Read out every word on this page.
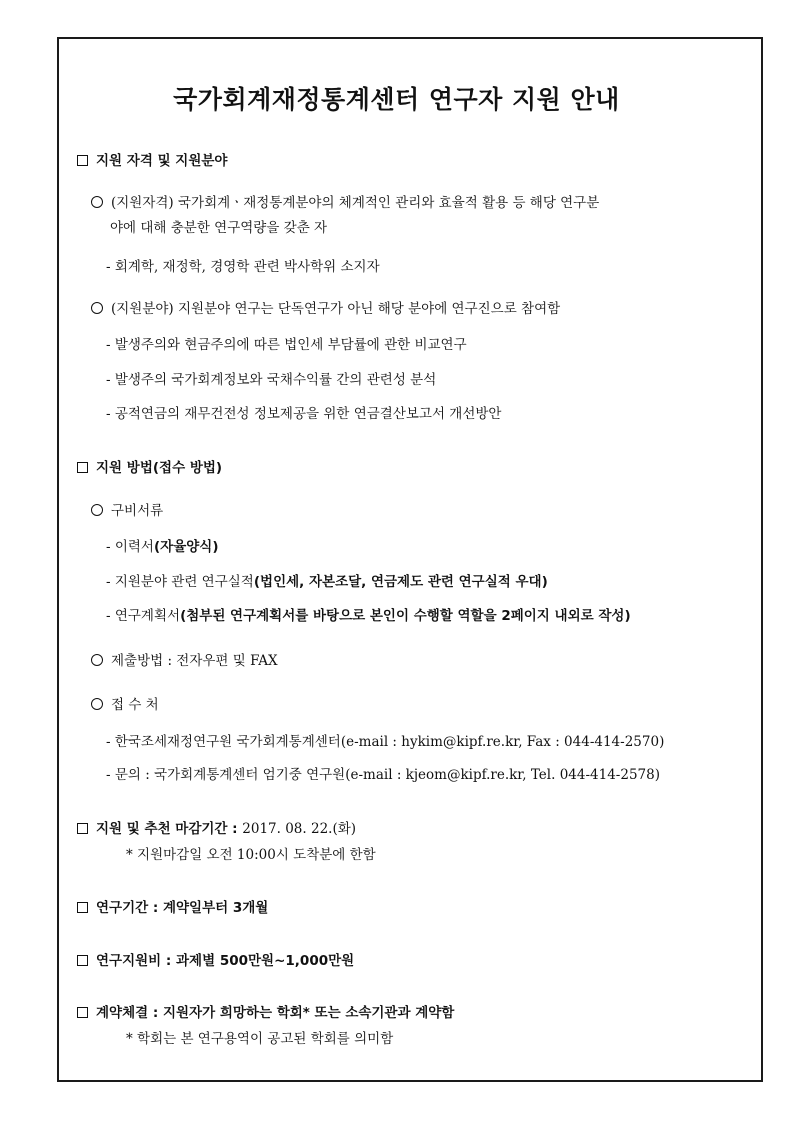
국가회계재정통계센터 연구자 지원 안내
지원 자격 및 지원분야
(지원자격) 국가회계ㆍ재정통계분야의 체계적인 관리와 효율적 활용 등 해당 연구분
야에 대해 충분한 연구역량을 갖춘 자
- 회계학, 재정학, 경영학 관련 박사학위 소지자
(지원분야) 지원분야 연구는 단독연구가 아닌 해당 분야에 연구진으로 참여함
- 발생주의와 현금주의에 따른 법인세 부담률에 관한 비교연구
- 발생주의 국가회계정보와 국채수익률 간의 관련성 분석
- 공적연금의 재무건전성 정보제공을 위한 연금결산보고서 개선방안
지원 방법(접수 방법)
구비서류
- 이력서(자율양식)
- 지원분야 관련 연구실적(법인세, 자본조달, 연금제도 관련 연구실적 우대)
- 연구계획서(첨부된 연구계획서를 바탕으로 본인이 수행할 역할을 2페이지 내외로 작성)
제출방법 : 전자우편 및 FAX
접 수 처
- 한국조세재정연구원 국가회계통계센터(e-mail : hykim@kipf.re.kr, Fax : 044-414-2570)
- 문의 : 국가회계통계센터 엄기중 연구원(e-mail : kjeom@kipf.re.kr, Tel. 044-414-2578)
지원 및 추천 마감기간 : 2017. 08. 22.(화)
* 지원마감일 오전 10:00시 도착분에 한함
연구기간 : 계약일부터 3개월
연구지원비 : 과제별 500만원~1,000만원
계약체결 : 지원자가 희망하는 학회* 또는 소속기관과 계약함
* 학회는 본 연구용역이 공고된 학회를 의미함
